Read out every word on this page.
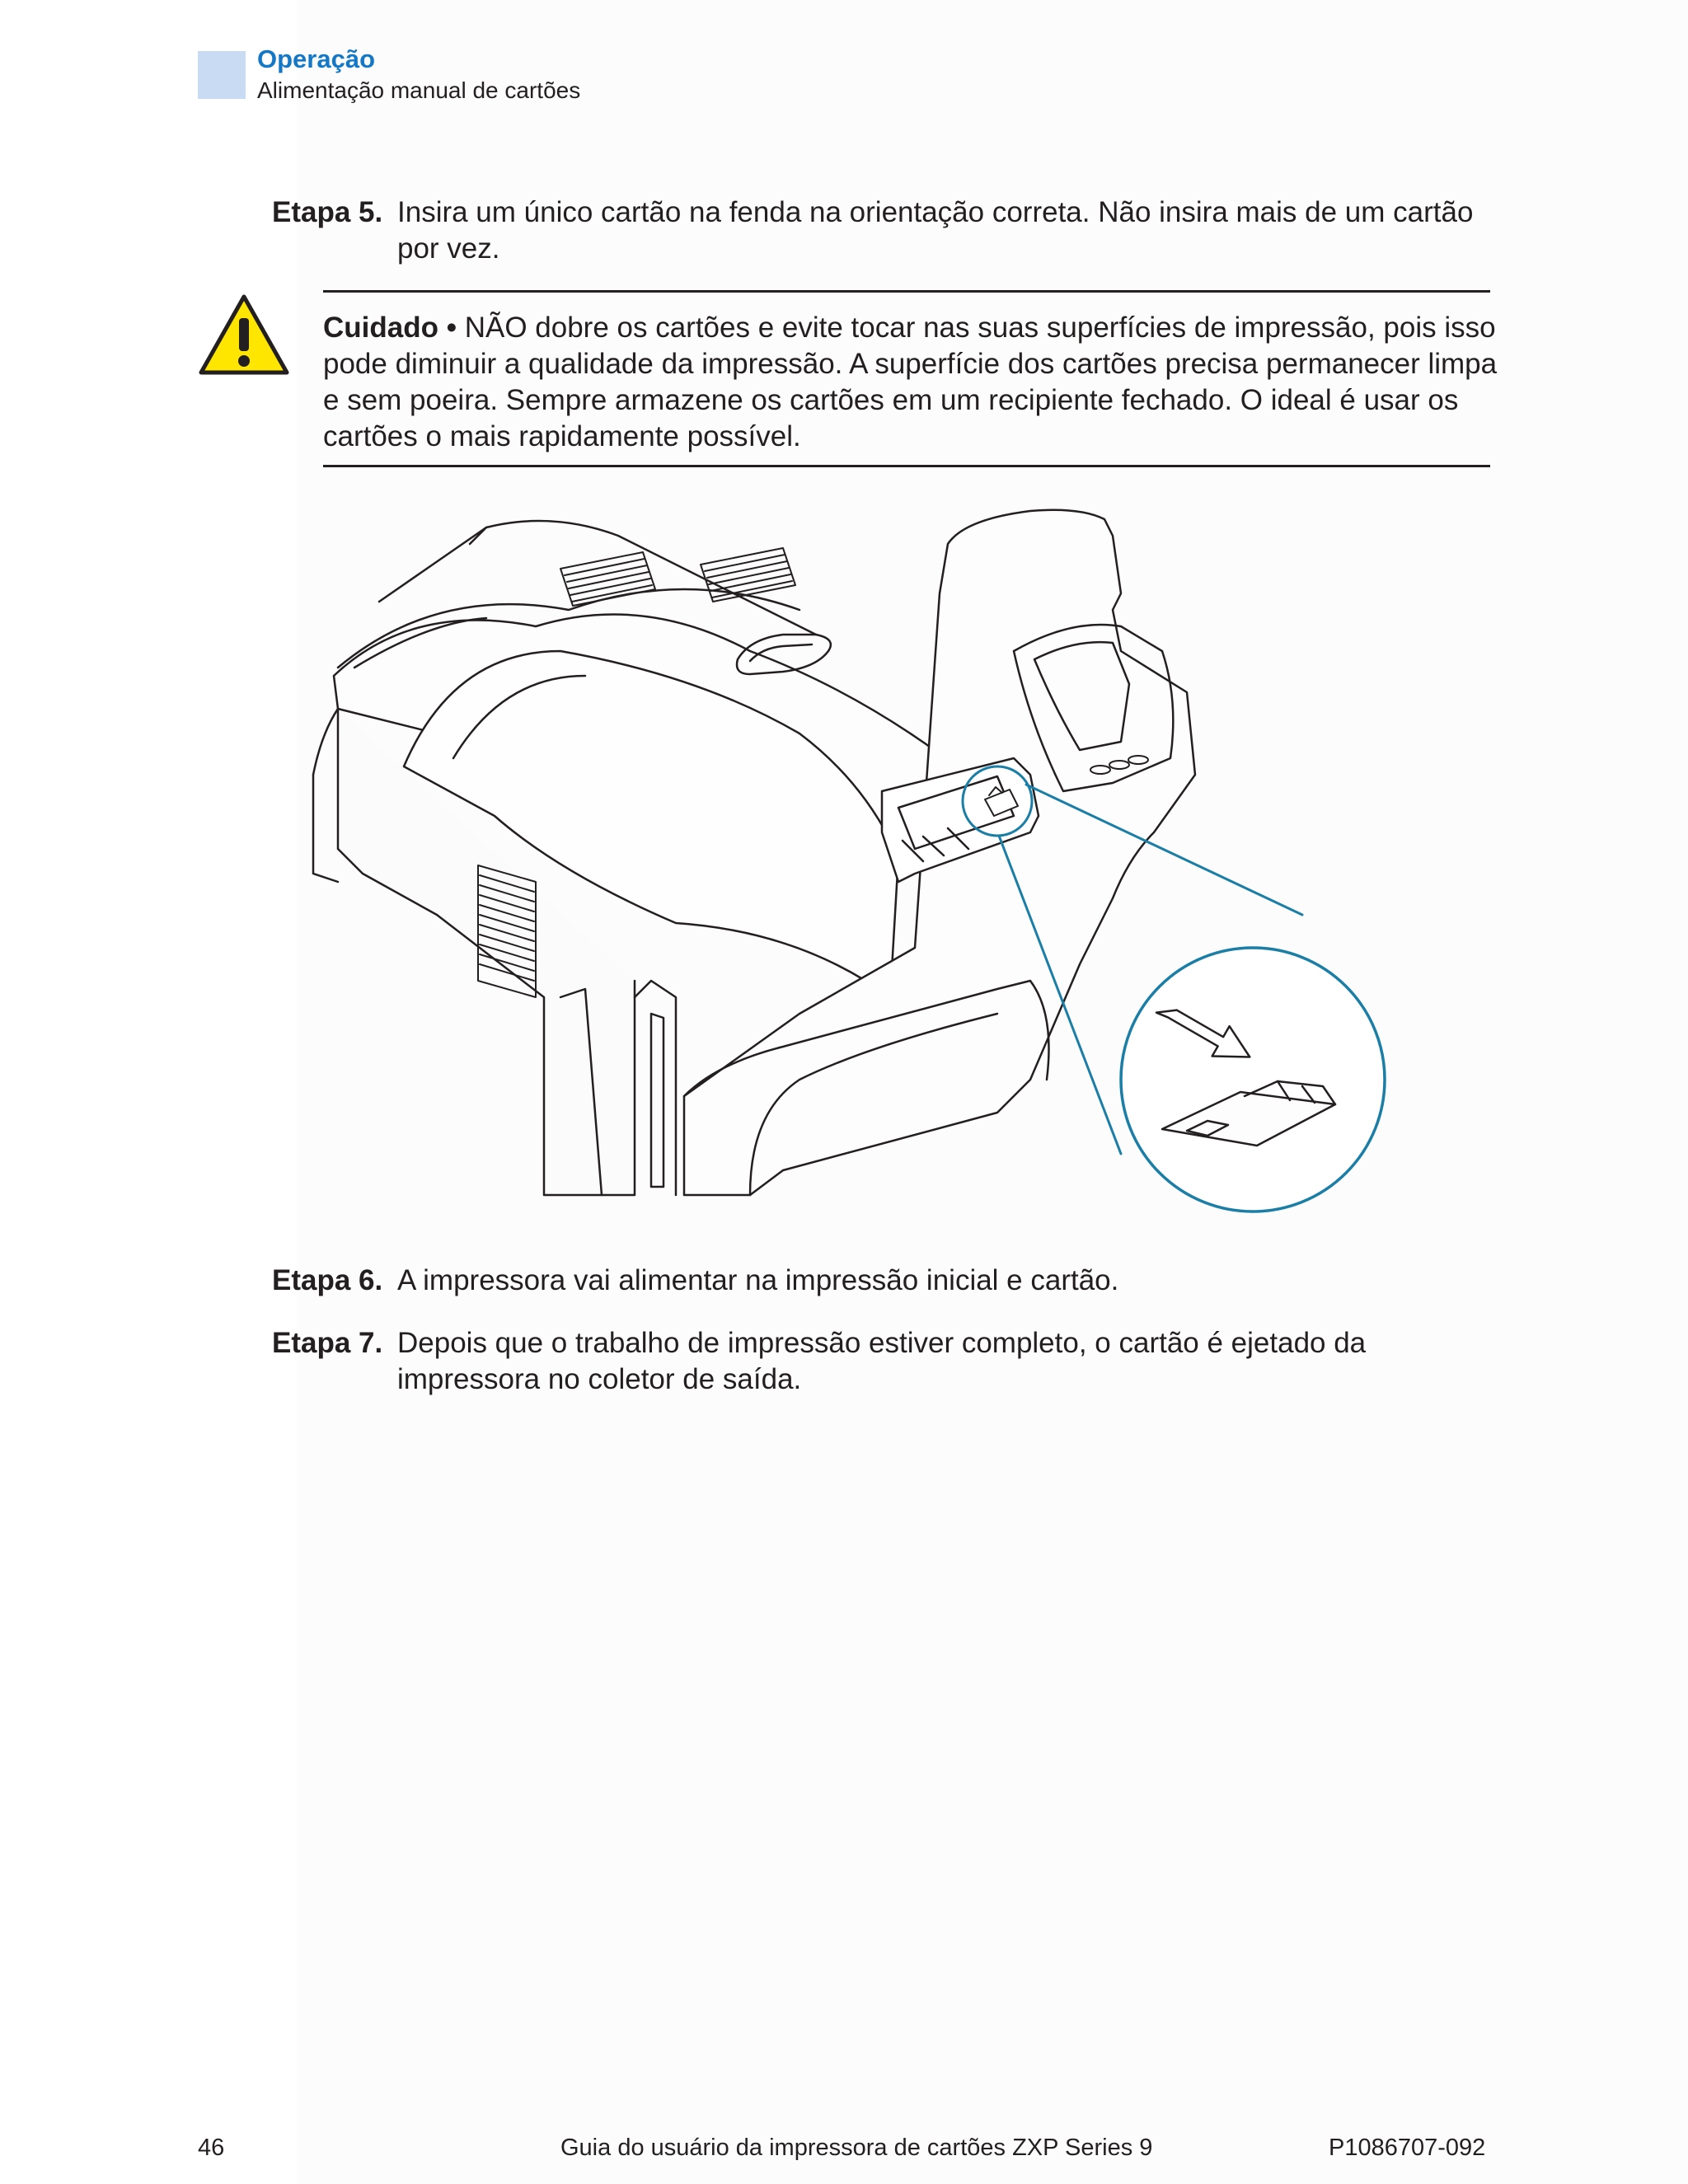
Operação
Alimentação manual de cartões
Etapa 5. Insira um único cartão na fenda na orientação correta. Não insira mais de um cartão por vez.
Cuidado • NÃO dobre os cartões e evite tocar nas suas superfícies de impressão, pois isso pode diminuir a qualidade da impressão. A superfície dos cartões precisa permanecer limpa e sem poeira. Sempre armazene os cartões em um recipiente fechado. O ideal é usar os cartões o mais rapidamente possível.
Etapa 6. A impressora vai alimentar na impressão inicial e cartão.
Etapa 7. Depois que o trabalho de impressão estiver completo, o cartão é ejetado da impressora no coletor de saída.
46	Guia do usuário da impressora de cartões ZXP Series 9	P1086707-092
